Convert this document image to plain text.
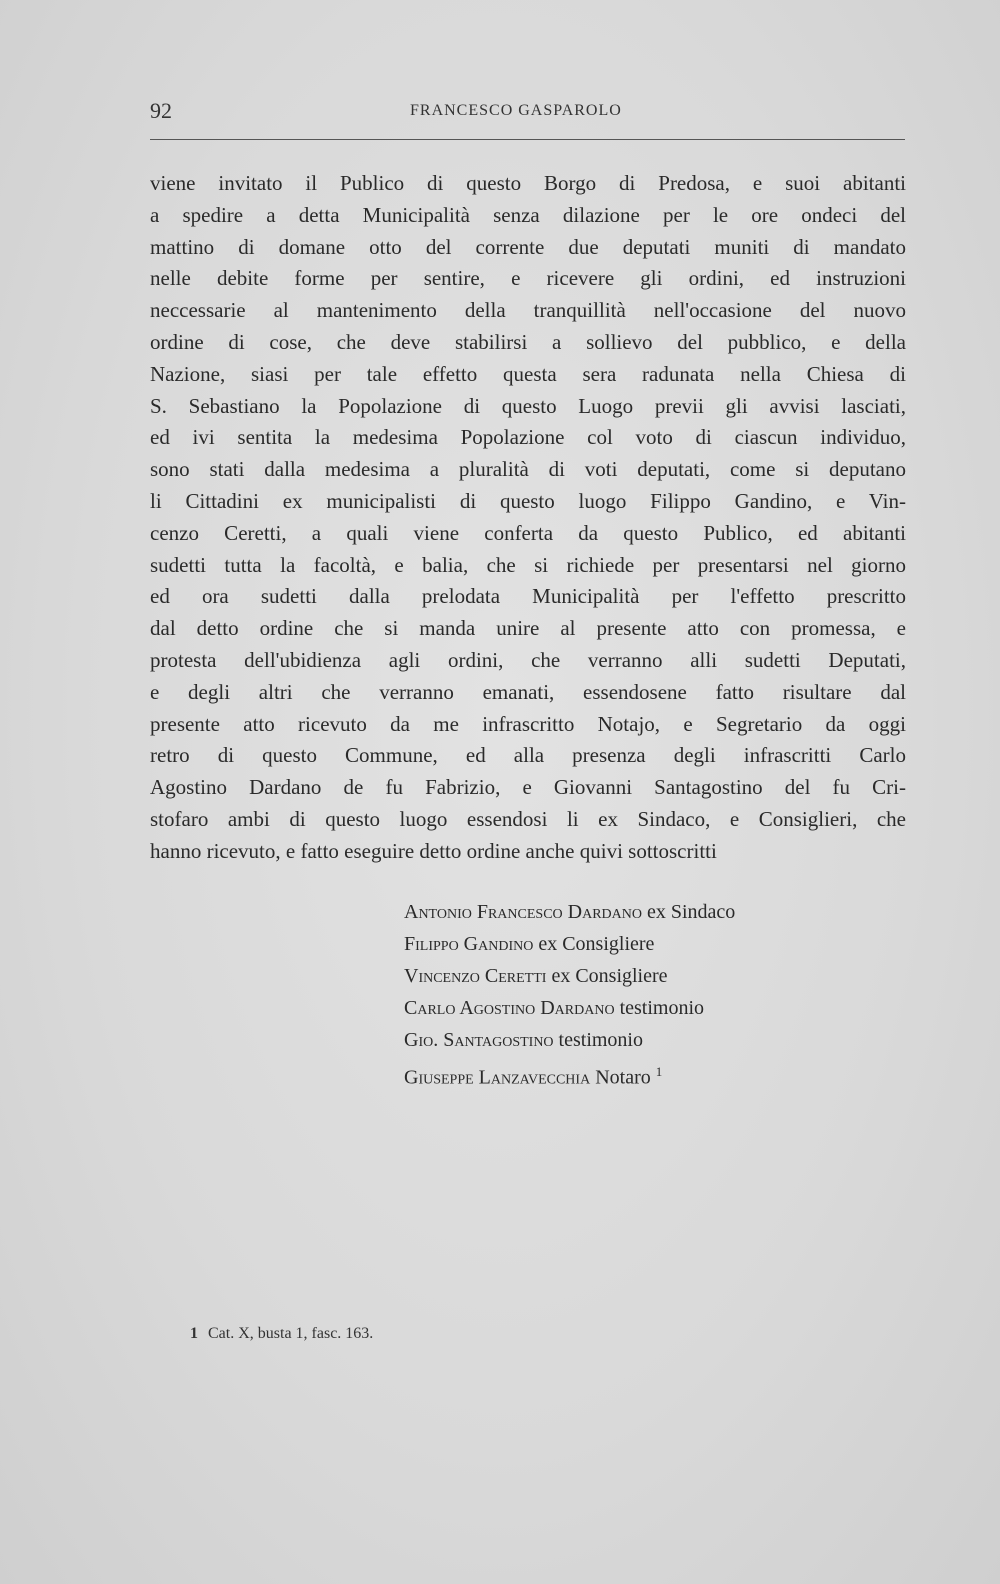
92	FRANCESCO GASPAROLO
viene invitato il Publico di questo Borgo di Predosa, e suoi abitanti
a spedire a detta Municipalità senza dilazione per le ore ondeci del
mattino di domane otto del corrente due deputati muniti di mandato
nelle debite forme per sentire, e ricevere gli ordini, ed instruzioni
neccessarie al mantenimento della tranquillità nell'occasione del nuovo
ordine di cose, che deve stabilirsi a sollievo del pubblico, e della
Nazione, siasi per tale effetto questa sera radunata nella Chiesa di
S. Sebastiano la Popolazione di questo Luogo previi gli avvisi lasciati,
ed ivi sentita la medesima Popolazione col voto di ciascun individuo,
sono stati dalla medesima a pluralità di voti deputati, come si deputano
li Cittadini ex municipalisti di questo luogo Filippo Gandino, e Vin-
cenzo Ceretti, a quali viene conferta da questo Publico, ed abitanti
sudetti tutta la facoltà, e balia, che si richiede per presentarsi nel giorno
ed ora sudetti dalla prelodata Municipalità per l'effetto prescritto
dal detto ordine che si manda unire al presente atto con promessa, e
protesta dell'ubidienza agli ordini, che verranno alli sudetti Deputati,
e degli altri che verranno emanati, essendosene fatto risultare dal
presente atto ricevuto da me infrascritto Notajo, e Segretario da oggi
retro di questo Commune, ed alla presenza degli infrascritti Carlo
Agostino Dardano de fu Fabrizio, e Giovanni Santagostino del fu Cri-
stofaro ambi di questo luogo essendosi li ex Sindaco, e Consiglieri, che
hanno ricevuto, e fatto eseguire detto ordine anche quivi sottoscritti
Antonio Francesco Dardano ex Sindaco
Filippo Gandino ex Consigliere
Vincenzo Ceretti ex Consigliere
Carlo Agostino Dardano testimonio
Gio. Santagostino testimonio
Giuseppe Lanzavecchia Notaro $^1$
1 Cat. X, busta 1, fasc. 163.
